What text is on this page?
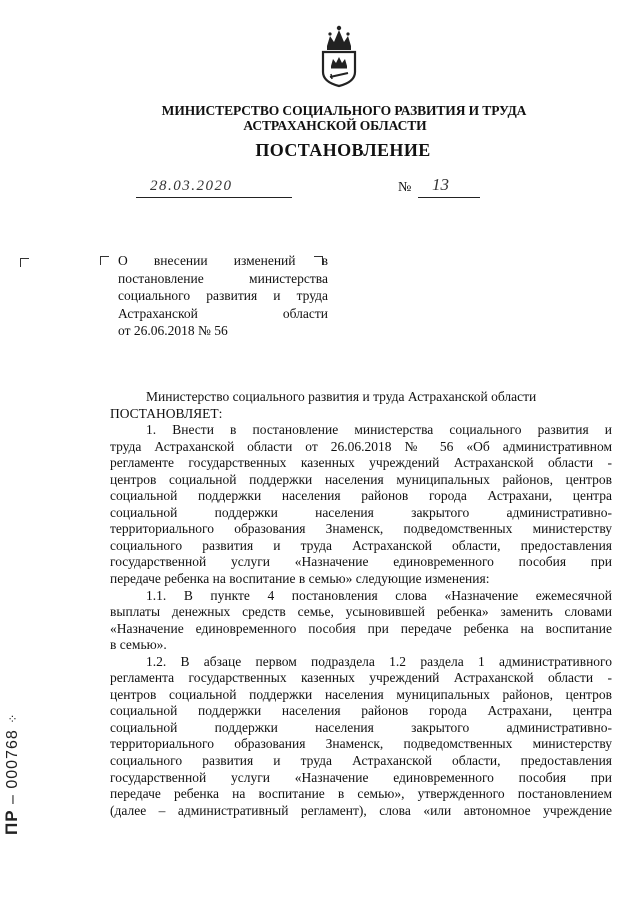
МИНИСТЕРСТВО СОЦИАЛЬНОГО РАЗВИТИЯ И ТРУДА
АСТРАХАНСКОЙ ОБЛАСТИ
ПОСТАНОВЛЕНИЕ
28.03.2020	№ 13
О внесении изменений в
постановление министерства
социального развития и труда
Астраханской области
от 26.06.2018 № 56
Министерство социального развития и труда Астраханской области
ПОСТАНОВЛЯЕТ:
1. Внести в постановление министерства социального развития и
труда Астраханской области от 26.06.2018 № 56 «Об административном
регламенте государственных казенных учреждений Астраханской области -
центров социальной поддержки населения муниципальных районов, центров
социальной поддержки населения районов города Астрахани, центра
социальной поддержки населения закрытого административно-
территориального образования Знаменск, подведомственных министерству
социального развития и труда Астраханской области, предоставления
государственной услуги «Назначение единовременного пособия при
передаче ребенка на воспитание в семью» следующие изменения:
1.1. В пункте 4 постановления слова «Назначение ежемесячной
выплаты денежных средств семье, усыновившей ребенка» заменить словами
«Назначение единовременного пособия при передаче ребенка на воспитание
в семью».
1.2. В абзаце первом подраздела 1.2 раздела 1 административного
регламента государственных казенных учреждений Астраханской области -
центров социальной поддержки населения муниципальных районов, центров
социальной поддержки населения районов города Астрахани, центра
социальной поддержки населения закрытого административно-
территориального образования Знаменск, подведомственных министерству
социального развития и труда Астраханской области, предоставления
государственной услуги «Назначение единовременного пособия при
передаче ребенка на воспитание в семью», утвержденного постановлением
(далее – административный регламент), слова «или автономное учреждение
ПР – 000768 ⁘
